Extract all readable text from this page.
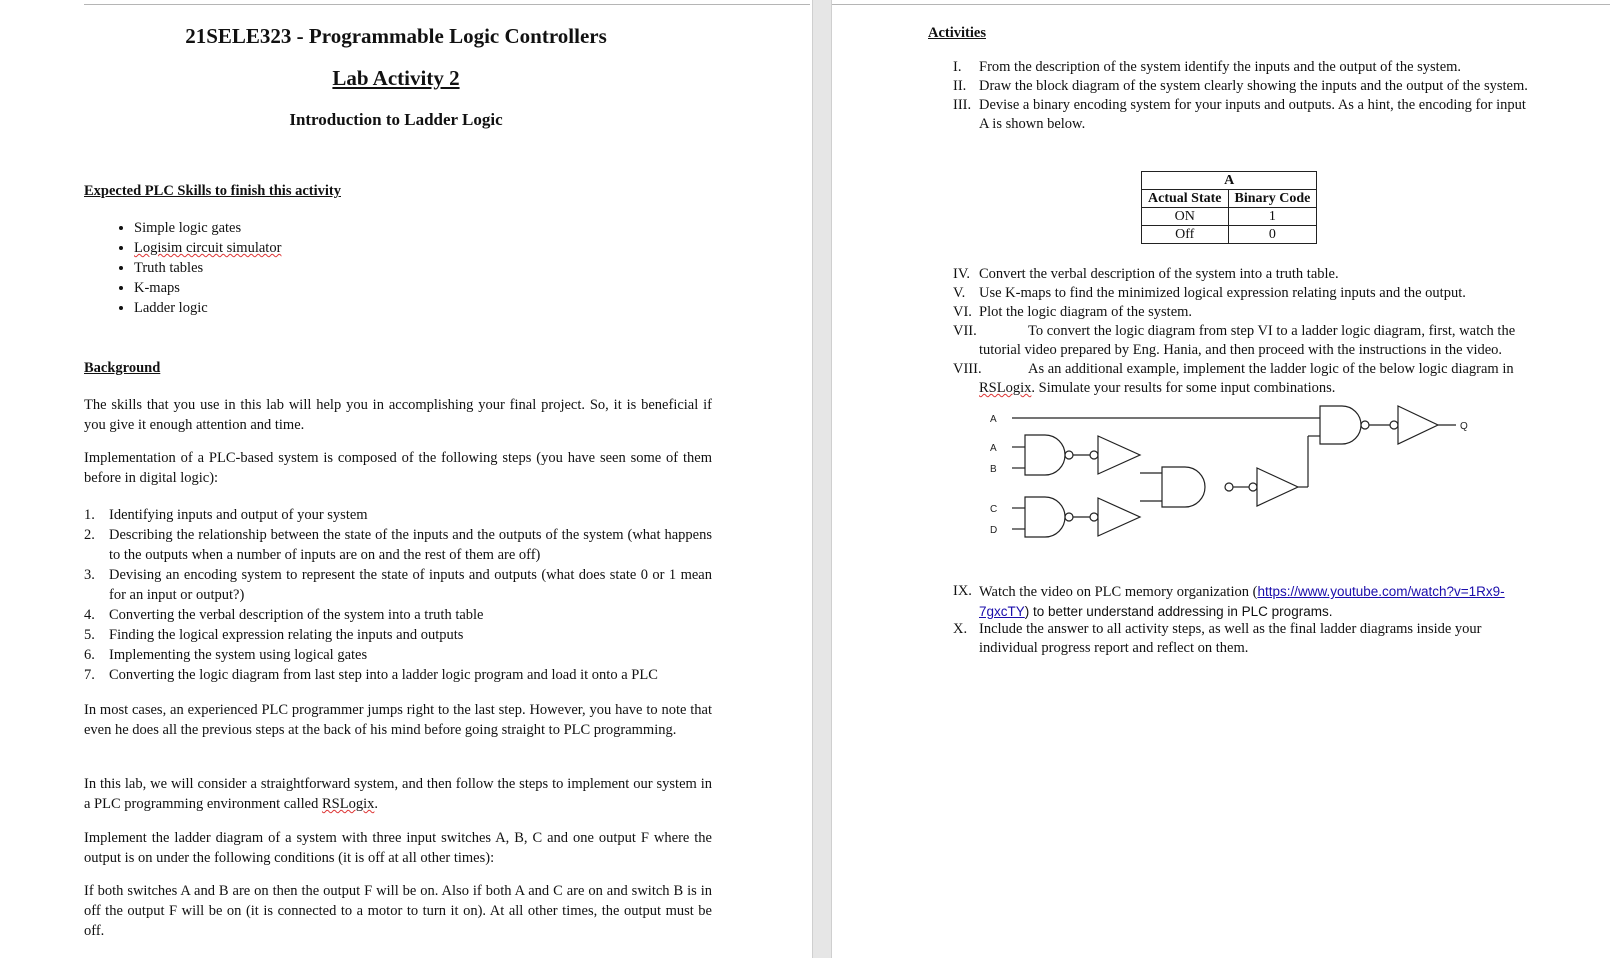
21SELE323 - Programmable Logic Controllers
Lab Activity 2
Introduction to Ladder Logic
Expected PLC Skills to finish this activity
• Simple logic gates
• Logisim circuit simulator
• Truth tables
• K-maps
• Ladder logic
Background

The skills that you use in this lab will help you in accomplishing your final project. So, it is beneficial if you give it enough attention and time.

Implementation of a PLC-based system is composed of the following steps (you have seen some of them before in digital logic):

1. Identifying inputs and output of your system
2. Describing the relationship between the state of the inputs and the outputs of the system (what happens to the outputs when a number of inputs are on and the rest of them are off)
3. Devising an encoding system to represent the state of inputs and outputs (what does state 0 or 1 mean for an input or output?)
4. Converting the verbal description of the system into a truth table
5. Finding the logical expression relating the inputs and outputs
6. Implementing the system using logical gates
7. Converting the logic diagram from last step into a ladder logic program and load it onto a PLC

In most cases, an experienced PLC programmer jumps right to the last step. However, you have to note that even he does all the previous steps at the back of his mind before going straight to PLC programming.

In this lab, we will consider a straightforward system, and then follow the steps to implement our system in a PLC programming environment called RSLogix.

Implement the ladder diagram of a system with three input switches A, B, C and one output F where the output is on under the following conditions (it is off at all other times):

If both switches A and B are on then the output F will be on. Also if both A and C are on and switch B is in off the output F will be on (it is connected to a motor to turn it on). At all other times, the output must be off.

Activities
I. From the description of the system identify the inputs and the output of the system.
II. Draw the block diagram of the system clearly showing the inputs and the output of the system.
III. Devise a binary encoding system for your inputs and outputs. As a hint, the encoding for input A is shown below.
A	
Actual State	Binary Code
ON	1
Off	0
IV. Convert the verbal description of the system into a truth table.
V. Use K-maps to find the minimized logical expression relating inputs and the output.
VI. Plot the logic diagram of the system.
VII.	To convert the logic diagram from step VI to a ladder logic diagram, first, watch the tutorial video prepared by Eng. Hania, and then proceed with the instructions in the video.
VIII.	As an additional example, implement the ladder logic of the below logic diagram in RSLogix. Simulate your results for some input combinations.
A
A
B
C
D
Q
IX. Watch the video on PLC memory organization (https://www.youtube.com/watch?v=1Rx9-7gxcTY) to better understand addressing in PLC programs.
X. Include the answer to all activity steps, as well as the final ladder diagrams inside your individual progress report and reflect on them.
